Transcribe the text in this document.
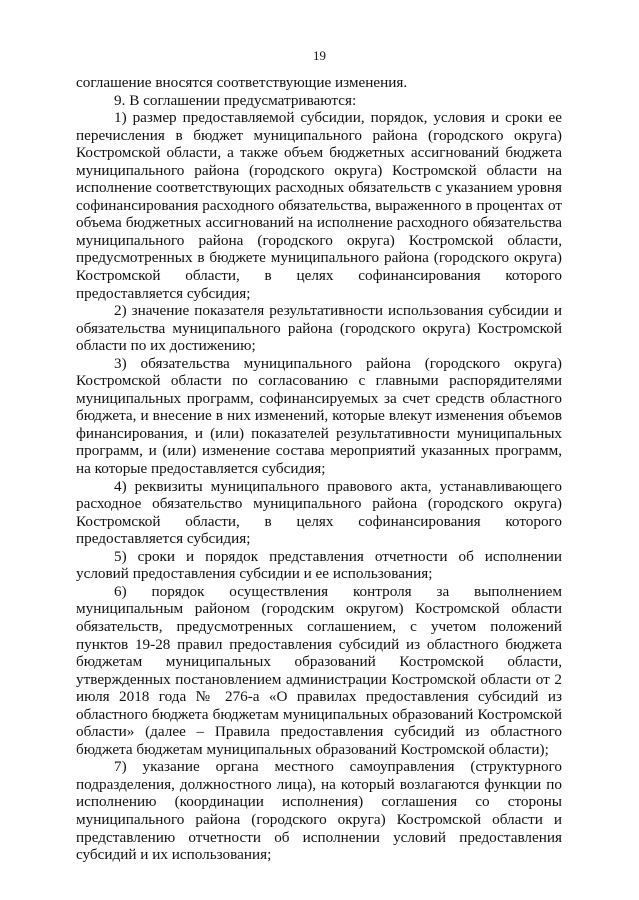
19

соглашение вносятся соответствующие изменения.

9. В соглашении предусматриваются:

1) размер предоставляемой субсидии, порядок, условия и сроки ее перечисления в бюджет муниципального района (городского округа) Костромской области, а также объем бюджетных ассигнований бюджета муниципального района (городского округа) Костромской области на исполнение соответствующих расходных обязательств с указанием уровня софинансирования расходного обязательства, выраженного в процентах от объема бюджетных ассигнований на исполнение расходного обязательства муниципального района (городского округа) Костромской области, предусмотренных в бюджете муниципального района (городского округа) Костромской области, в целях софинансирования которого предоставляется субсидия;

2) значение показателя результативности использования субсидии и обязательства муниципального района (городского округа) Костромской области по их достижению;

3) обязательства муниципального района (городского округа) Костромской области по согласованию с главными распорядителями муниципальных программ, софинансируемых за счет средств областного бюджета, и внесение в них изменений, которые влекут изменения объемов финансирования, и (или) показателей результативности муниципальных программ, и (или) изменение состава мероприятий указанных программ, на которые предоставляется субсидия;

4) реквизиты муниципального правового акта, устанавливающего расходное обязательство муниципального района (городского округа) Костромской области, в целях софинансирования которого предоставляется субсидия;

5) сроки и порядок представления отчетности об исполнении условий предоставления субсидии и ее использования;

6) порядок осуществления контроля за выполнением муниципальным районом (городским округом) Костромской области обязательств, предусмотренных соглашением, с учетом положений пунктов 19-28 правил предоставления субсидий из областного бюджета бюджетам муниципальных образований Костромской области, утвержденных постановлением администрации Костромской области от 2 июля 2018 года № 276-а «О правилах предоставления субсидий из областного бюджета бюджетам муниципальных образований Костромской области» (далее – Правила предоставления субсидий из областного бюджета бюджетам муниципальных образований Костромской области);

7) указание органа местного самоуправления (структурного подразделения, должностного лица), на который возлагаются функции по исполнению (координации исполнения) соглашения со стороны муниципального района (городского округа) Костромской области и представлению отчетности об исполнении условий предоставления субсидий и их использования;
